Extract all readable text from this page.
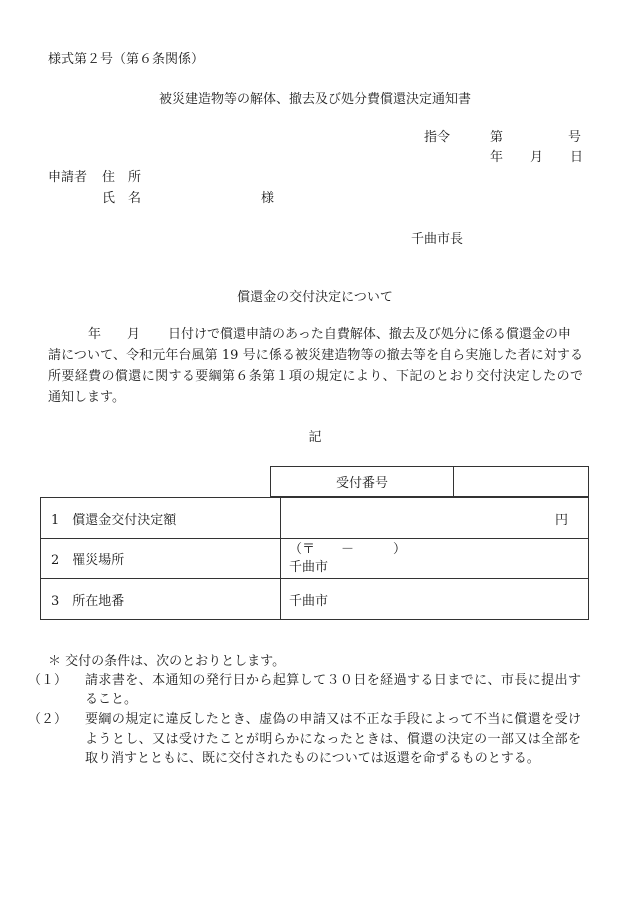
様式第２号（第６条関係）
被災建造物等の解体、撤去及び処分費償還決定通知書
指令	第	号
年 月 日
申請者 住　所
氏　名	様
千曲市長
償還金の交付決定について
年 月 日付けで償還申請のあった自費解体、撤去及び処分に係る償還金の申
請について、令和元年台風第 19 号に係る被災建造物等の撤去等を自ら実施した者に対する
所要経費の償還に関する要綱第６条第１項の規定により、下記のとおり交付決定したので
通知します。
記
受付番号	
1　償還金交付決定額	円
2　罹災場所	（〒　　－　　　）
千曲市

3　所在地番	千曲市
＊ 交付の条件は、次のとおりとします。
（１） 請求書を、本通知の発行日から起算して３０日を経過する日までに、市長に提出す
ること。
（２） 要綱の規定に違反したとき、虚偽の申請又は不正な手段によって不当に償還を受け
ようとし、又は受けたことが明らかになったときは、償還の決定の一部又は全部を
取り消すとともに、既に交付されたものについては返還を命ずるものとする。
